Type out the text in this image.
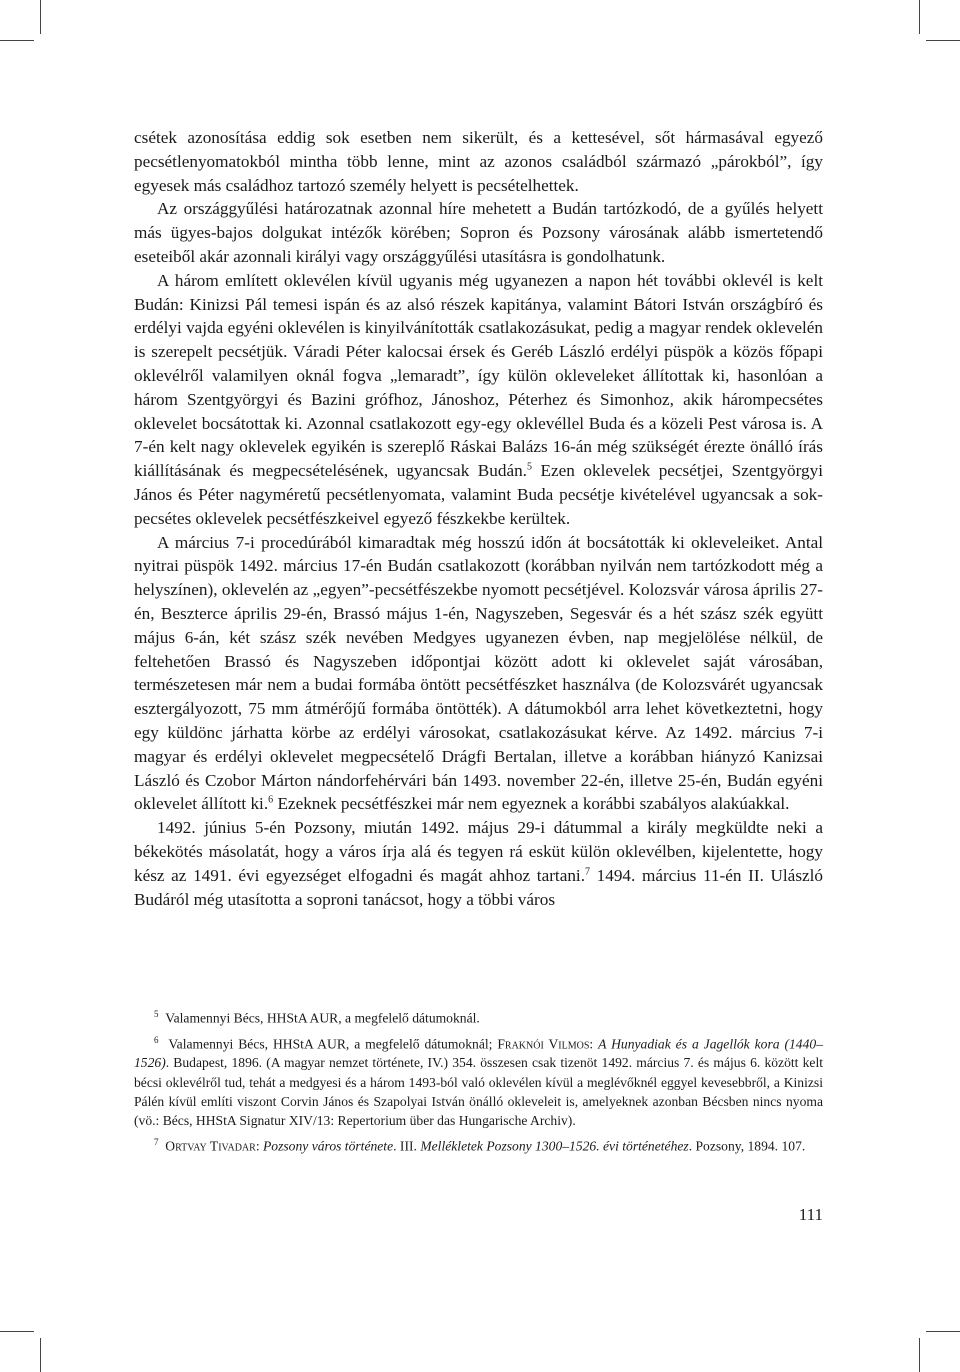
csétek azonosítása eddig sok esetben nem sikerült, és a kettesével, sőt hármasával egyező pecsétlenyomatokból mintha több lenne, mint az azonos családból származó „párokból”, így egyesek más családhoz tartozó személy helyett is pecsételhettek.

Az országgyűlési határozatnak azonnal híre mehetett a Budán tartózkodó, de a gyűlés helyett más ügyes-bajos dolgukat intézők körében; Sopron és Pozsony városának alább ismertetendő eseteiből akár azonnali királyi vagy országgyűlési utasításra is gondolhatunk.

A három említett oklevélen kívül ugyanis még ugyanezen a napon hét további oklevél is kelt Budán: Kinizsi Pál temesi ispán és az alsó részek kapitánya, valamint Bátori István országbíró és erdélyi vajda egyéni oklevélen is kinyilvánították csatlakozásukat, pedig a magyar rendek oklevelén is szerepelt pecsétjük. Váradi Péter kalocsai érsek és Geréb László erdélyi püspök a közös főpapi oklevélről valamilyen oknál fogva „lemaradt”, így külön okleveleket állítottak ki, hasonlóan a három Szentgyörgyi és Bazini grófhoz, Jánoshoz, Péterhez és Simonhoz, akik hárompecsétes oklevelet bocsátottak ki. Azonnal csatlakozott egy-egy oklevéllel Buda és a közeli Pest városa is. A 7-én kelt nagy oklevelek egyikén is szereplő Ráskai Balázs 16-án még szükségét érezte önálló írás kiállításának és megpecsételésének, ugyancsak Budán.$^5$ Ezen oklevelek pecsétjei, Szentgyörgyi János és Péter nagyméretű pecsétlenyomata, valamint Buda pecsétje kivételével ugyancsak a sokpecsétes oklevelek pecsétfészkeivel egyező fészkekbe kerültek.

A március 7-i procedúrából kimaradtak még hosszú időn át bocsátották ki okleveleiket. Antal nyitrai püspök 1492. március 17-én Budán csatlakozott (korábban nyilván nem tartózkodott még a helyszínen), oklevelén az „egyen”-pecsétfészekbe nyomott pecsétjével. Kolozsvár városa április 27-én, Beszterce április 29-én, Brassó május 1-én, Nagyszeben, Segesvár és a hét szász szék együtt május 6-án, két szász szék nevében Medgyes ugyanezen évben, nap megjelölése nélkül, de feltehetően Brassó és Nagyszeben időpontjai között adott ki oklevelet saját városában, természetesen már nem a budai formába öntött pecsétfészket használva (de Kolozsvárét ugyancsak esztergályozott, 75 mm átmérőjű formába öntötték). A dátumokból arra lehet következtetni, hogy egy küldönc járhatta körbe az erdélyi városokat, csatlakozásukat kérve. Az 1492. március 7-i magyar és erdélyi oklevelet megpecsételő Drágfi Bertalan, illetve a korábban hiányzó Kanizsai László és Czobor Márton nándorfehérvári bán 1493. november 22-én, illetve 25-én, Budán egyéni oklevelet állított ki.$^6$ Ezeknek pecsétfészkei már nem egyeznek a korábbi szabályos alakúakkal.

1492. június 5-én Pozsony, miután 1492. május 29-i dátummal a király megküldte neki a békekötés másolatát, hogy a város írja alá és tegyen rá esküt külön oklevélben, kijelentette, hogy kész az 1491. évi egyezséget elfogadni és magát ahhoz tartani.$^7$ 1494. március 11-én II. Ulászló Budáról még utasította a soproni tanácsot, hogy a többi város

$^5$ Valamennyi Bécs, HHStA AUR, a megfelelő dátumoknál.

$^6$ Valamennyi Bécs, HHStA AUR, a megfelelő dátumoknál; Fraknói Vilmos: A Hunyadiak és a Jagellók kora (1440–1526). Budapest, 1896. (A magyar nemzet története, IV.) 354. összesen csak tizenöt 1492. március 7. és május 6. között kelt bécsi oklevélről tud, tehát a medgyesi és a három 1493-ból való oklevélen kívül a meglévőknél eggyel kevesebbről, a Kinizsi Pálén kívül említi viszont Corvin János és Szapolyai István önálló okleveleit is, amelyeknek azonban Bécsben nincs nyoma (vö.: Bécs, HHStA Signatur XIV/13: Repertorium über das Hungarische Archiv).

$^7$ Ortvay Tivadar: Pozsony város története. III. Mellékletek Pozsony 1300–1526. évi történetéhez. Pozsony, 1894. 107.

111
